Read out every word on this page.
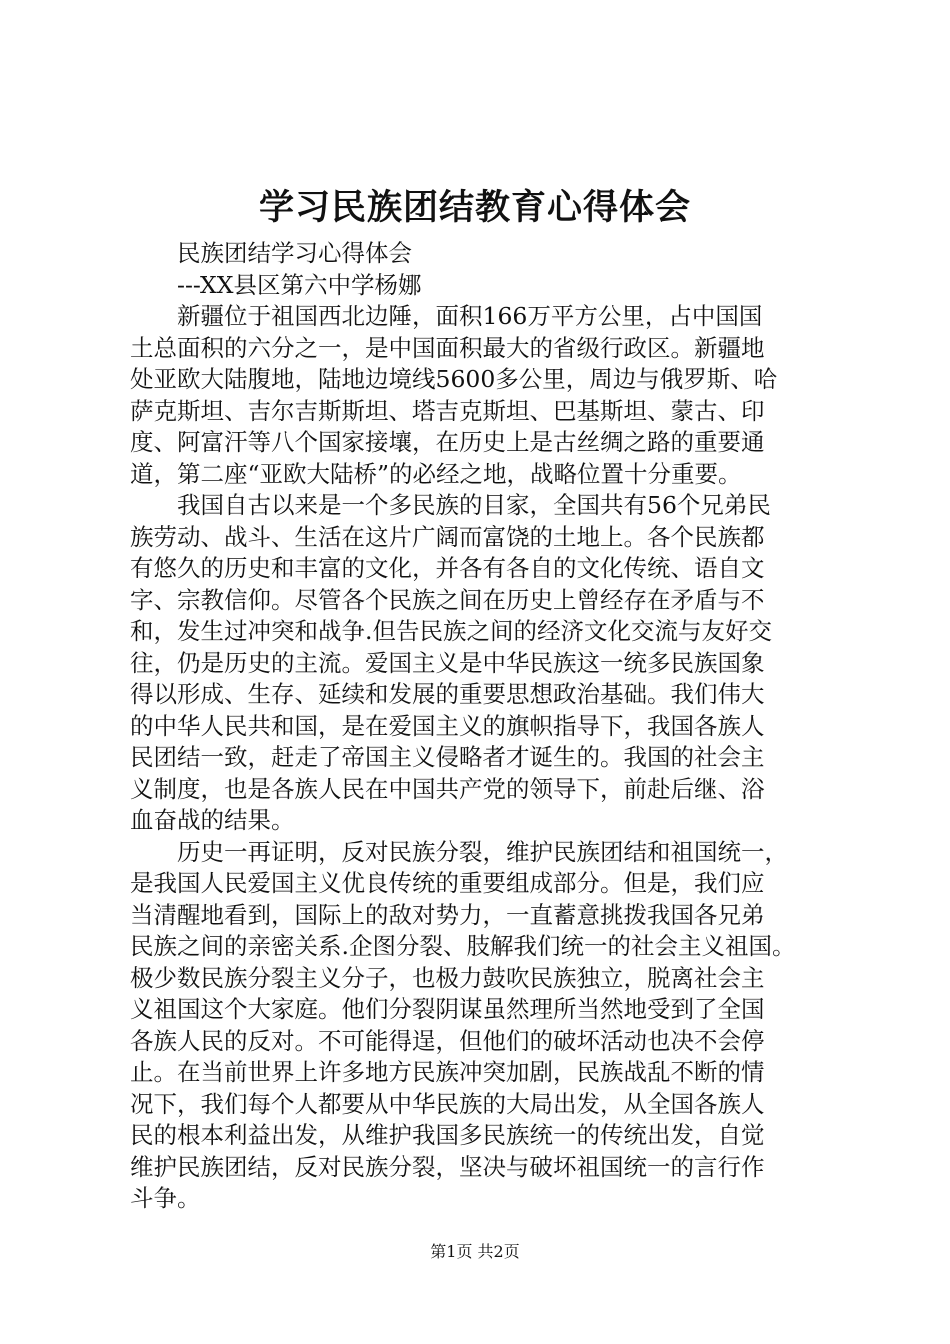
学习民族团结教育心得体会
民族团结学习心得体会
---XX县区第六中学杨娜
新疆位于祖国西北边陲，面积166万平方公里，占中国国
土总面积的六分之一，是中国面积最大的省级行政区。新疆地
处亚欧大陆腹地，陆地边境线5600多公里，周边与俄罗斯、哈
萨克斯坦、吉尔吉斯斯坦、塔吉克斯坦、巴基斯坦、蒙古、印
度、阿富汗等八个国家接壤，在历史上是古丝绸之路的重要通
道，第二座“亚欧大陆桥”的必经之地，战略位置十分重要。
我国自古以来是一个多民族的目家，全国共有56个兄弟民
族劳动、战斗、生活在这片广阔而富饶的土地上。各个民族都
有悠久的历史和丰富的文化，并各有各自的文化传统、语自文
字、宗教信仰。尽管各个民族之间在历史上曾经存在矛盾与不
和，发生过冲突和战争.但告民族之间的经济文化交流与友好交
往，仍是历史的主流。爱国主义是中华民族这一统多民族国象
得以形成、生存、延续和发展的重要思想政治基础。我们伟大
的中华人民共和国，是在爱国主义的旗帜指导下，我国各族人
民团结一致，赶走了帝国主义侵略者才诞生的。我国的社会主
义制度，也是各族人民在中国共产党的领导下，前赴后继、浴
血奋战的结果。
历史一再证明，反对民族分裂，维护民族团结和祖国统一，
是我国人民爱国主义优良传统的重要组成部分。但是，我们应
当清醒地看到，国际上的敌对势力，一直蓄意挑拨我国各兄弟
民族之间的亲密关系.企图分裂、肢解我们统一的社会主义祖国。
极少数民族分裂主义分子，也极力鼓吹民族独立，脱离社会主
义祖国这个大家庭。他们分裂阴谋虽然理所当然地受到了全国
各族人民的反对。不可能得逞，但他们的破坏活动也决不会停
止。在当前世界上许多地方民族冲突加剧，民族战乱不断的情
况下，我们每个人都要从中华民族的大局出发，从全国各族人
民的根本利益出发，从维护我国多民族统一的传统出发，自觉
维护民族团结，反对民族分裂，坚决与破坏祖国统一的言行作
斗争。
第1页 共2页
